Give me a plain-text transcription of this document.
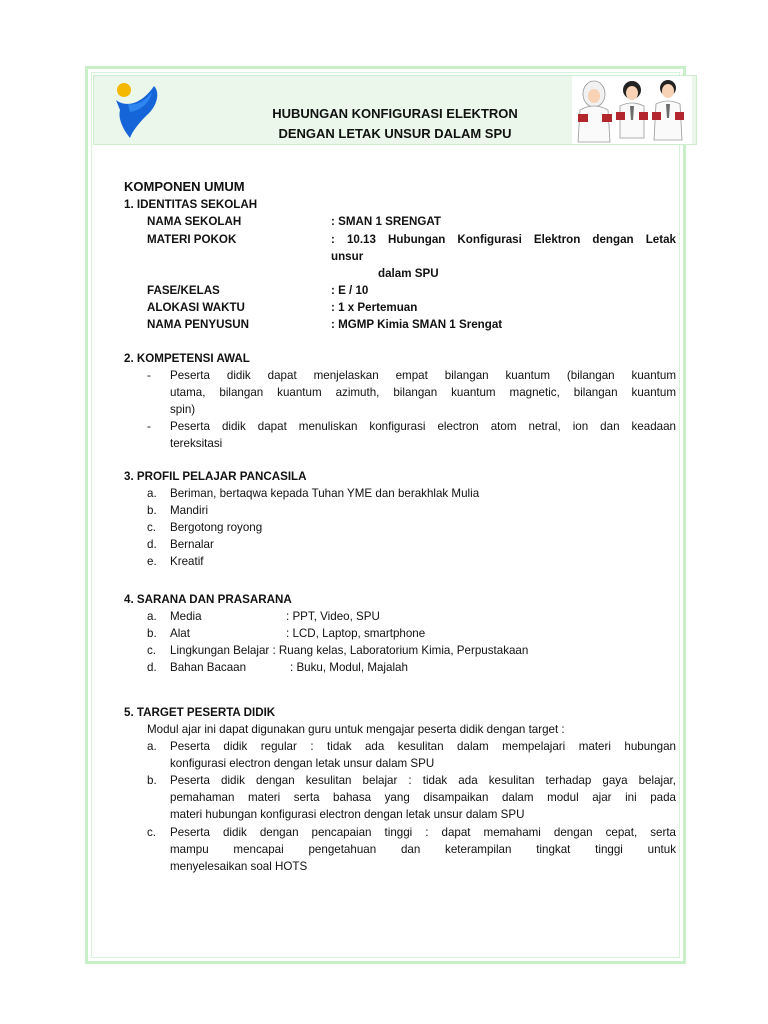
HUBUNGAN KONFIGURASI ELEKTRON
DENGAN LETAK UNSUR DALAM SPU
KOMPONEN UMUM
1. IDENTITAS SEKOLAH
NAMA SEKOLAH	: SMAN 1 SRENGAT
MATERI POKOK	: 10.13 Hubungan Konfigurasi Elektron dengan Letak
unsur
dalam SPU
FASE/KELAS	: E / 10
ALOKASI WAKTU	: 1 x Pertemuan
NAMA PENYUSUN	: MGMP Kimia SMAN 1 Srengat
2. KOMPETENSI AWAL
- Peserta didik dapat menjelaskan empat bilangan kuantum (bilangan kuantum
utama, bilangan kuantum azimuth, bilangan kuantum magnetic, bilangan kuantum
spin)
- Peserta didik dapat menuliskan konfigurasi electron atom netral, ion dan keadaan
tereksitasi
3. PROFIL PELAJAR PANCASILA
a. Beriman, bertaqwa kepada Tuhan YME dan berakhlak Mulia
b. Mandiri
c. Bergotong royong
d. Bernalar
e. Kreatif
4. SARANA DAN PRASARANA
a. Media	: PPT, Video, SPU
b. Alat	: LCD, Laptop, smartphone
c. Lingkungan Belajar : Ruang kelas, Laboratorium Kimia, Perpustakaan
d. Bahan Bacaan	: Buku, Modul, Majalah
5. TARGET PESERTA DIDIK
Modul ajar ini dapat digunakan guru untuk mengajar peserta didik dengan target :
a. Peserta didik regular : tidak ada kesulitan dalam mempelajari materi hubungan
konfigurasi electron dengan letak unsur dalam SPU
b. Peserta didik dengan kesulitan belajar : tidak ada kesulitan terhadap gaya belajar,
pemahaman materi serta bahasa yang disampaikan dalam modul ajar ini pada
materi hubungan konfigurasi electron dengan letak unsur dalam SPU
c. Peserta didik dengan pencapaian tinggi : dapat memahami dengan cepat, serta
mampu mencapai pengetahuan dan keterampilan tingkat tinggi untuk
menyelesaikan soal HOTS
